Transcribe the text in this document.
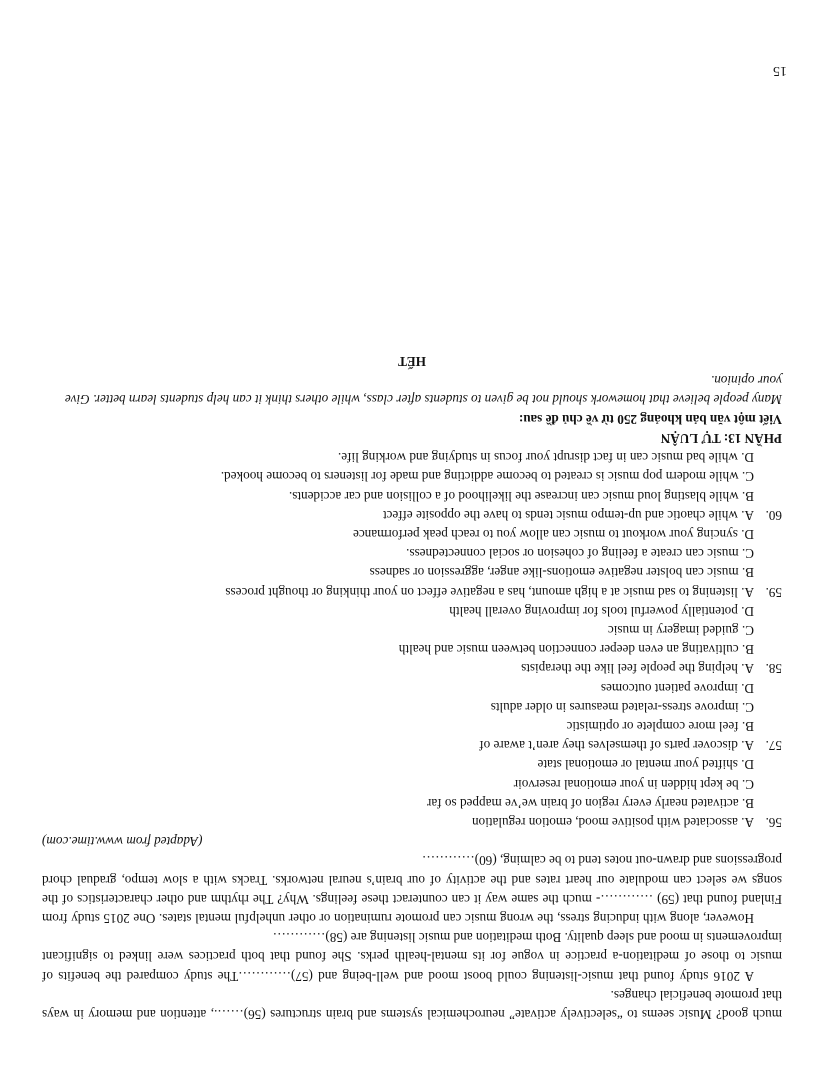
much good? Music seems to “selectively activate” neurochemical systems and brain structures (56)……., attention and memory in ways that promote beneficial changes.

A 2016 study found that music-listening could boost mood and well-being and (57)…………The study compared the benefits of music to those of meditation-a practice in vogue for its mental-health perks. She found that both practices were linked to significant improvements in mood and sleep quality. Both meditation and music listening are (58)…………

However, along with inducing stress, the wrong music can promote rumination or other unhelpful mental states. One 2015 study from Finland found that (59) …………- much the same way it can counteract these feelings. Why? The rhythm and other characteristics of the songs we select can modulate our heart rates and the activity of our brain’s neural networks. Tracks with a slow tempo, gradual chord progressions and drawn-out notes tend to be calming, (60)…………

(Adapted from www.time.com)

56.A. associated with positive mood, emotion regulation

B. activated nearly every region of brain we’ve mapped so far

C. be kept hidden in your emotional reservoir

D. shifted your mental or emotional state

57.A. discover parts of themselves they aren’t aware of

B. feel more complete or optimistic

C. improve stress-related measures in older adults

D. improve patient outcomes

58.A. helping the people feel like the therapists

B. cultivating an even deeper connection between music and health

C. guided imagery in music

D. potentially powerful tools for improving overall health

59.A. listening to sad music at a high amount, has a negative effect on your thinking or thought process

B. music can bolster negative emotions-like anger, aggression or sadness

C. music can create a feeling of cohesion or social connectedness.

D. syncing your workout to music can allow you to reach peak performance

60.A. while chaotic and up-tempo music tends to have the opposite effect

B. while blasting loud music can increase the likelihood of a collision and car accidents.

C. while modern pop music is created to become addicting and made for listeners to become hooked.

D. while bad music can in fact disrupt your focus in studying and working life.

PHẦN 13: TỰ LUẬN

Viết một văn bản khoảng 250 từ về chủ đề sau:

Many people believe that homework should not be given to students after class, while others think it can help students learn better. Give your opinion.

HẾT

15
